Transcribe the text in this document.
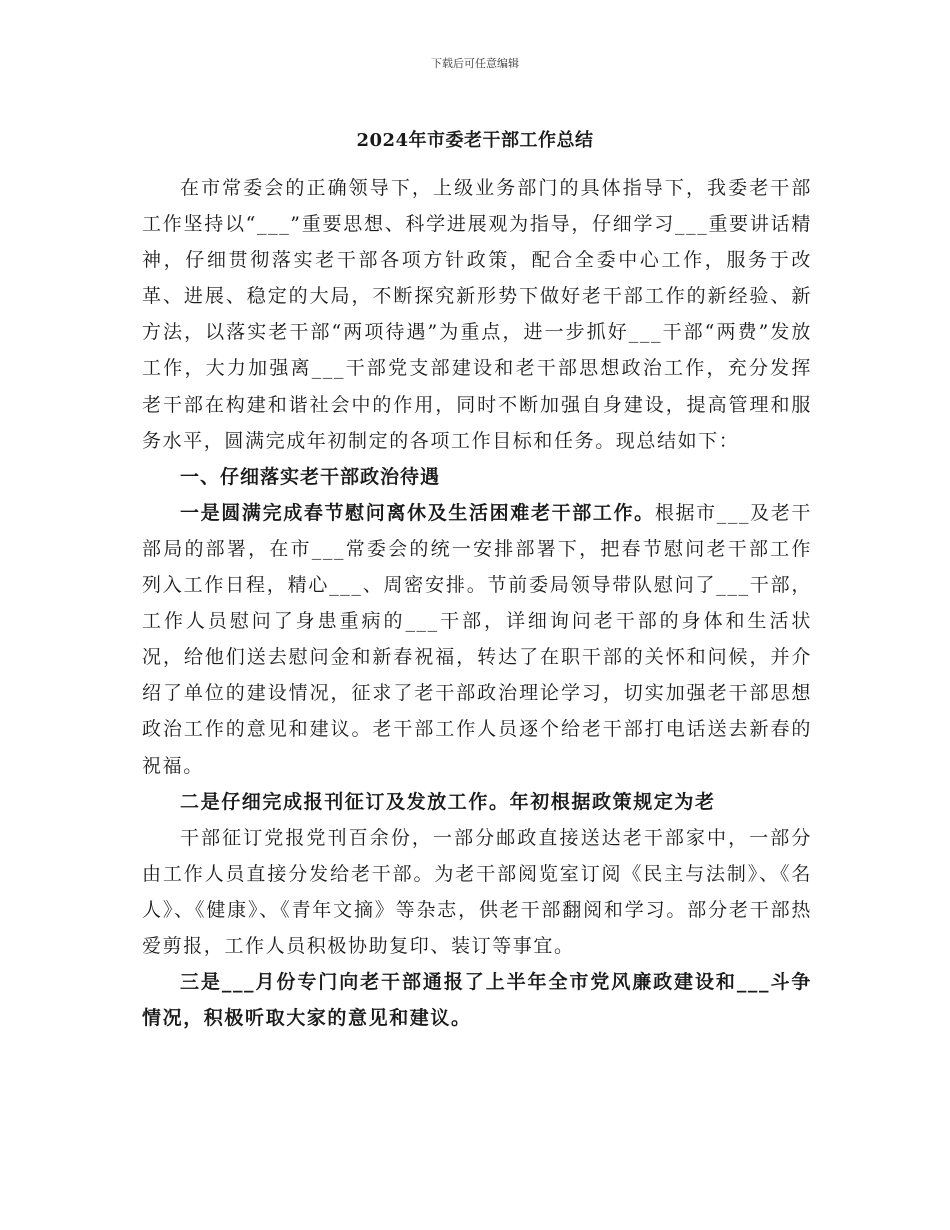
下载后可任意编辑
2024年市委老干部工作总结

在市常委会的正确领导下，上级业务部门的具体指导下，我委老干部工作坚持以“___”重要思想、科学进展观为指导，仔细学习___重要讲话精神，仔细贯彻落实老干部各项方针政策，配合全委中心工作，服务于改革、进展、稳定的大局，不断探究新形势下做好老干部工作的新经验、新方法，以落实老干部“两项待遇”为重点，进一步抓好___干部“两费”发放工作，大力加强离___干部党支部建设和老干部思想政治工作，充分发挥老干部在构建和谐社会中的作用，同时不断加强自身建设，提高管理和服务水平，圆满完成年初制定的各项工作目标和任务。现总结如下：

一、仔细落实老干部政治待遇

一是圆满完成春节慰问离休及生活困难老干部工作。根据市___及老干部局的部署，在市___常委会的统一安排部署下，把春节慰问老干部工作列入工作日程，精心___、周密安排。节前委局领导带队慰问了___干部，工作人员慰问了身患重病的___干部，详细询问老干部的身体和生活状况，给他们送去慰问金和新春祝福，转达了在职干部的关怀和问候，并介绍了单位的建设情况，征求了老干部政治理论学习，切实加强老干部思想政治工作的意见和建议。老干部工作人员逐个给老干部打电话送去新春的祝福。

二是仔细完成报刊征订及发放工作。年初根据政策规定为老

干部征订党报党刊百余份，一部分邮政直接送达老干部家中，一部分由工作人员直接分发给老干部。为老干部阅览室订阅《民主与法制》、《名人》、《健康》、《青年文摘》等杂志，供老干部翻阅和学习。部分老干部热爱剪报，工作人员积极协助复印、装订等事宜。

三是___月份专门向老干部通报了上半年全市党风廉政建设和___斗争情况，积极听取大家的意见和建议。
